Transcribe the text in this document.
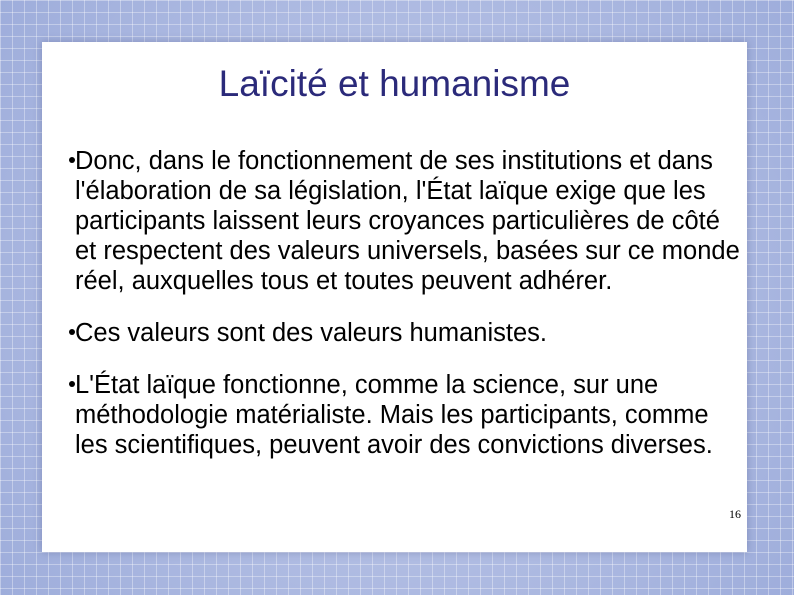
Laïcité et humanisme
Donc, dans le fonctionnement de ses institutions et dans l'élaboration de sa législation, l'État laïque exige que les participants laissent leurs croyances particulières de côté et respectent des valeurs universels, basées sur ce monde réel, auxquelles tous et toutes peuvent adhérer.
Ces valeurs sont des valeurs humanistes.
L'État laïque fonctionne, comme la science, sur une méthodologie matérialiste. Mais les participants, comme les scientifiques, peuvent avoir des convictions diverses.
16
